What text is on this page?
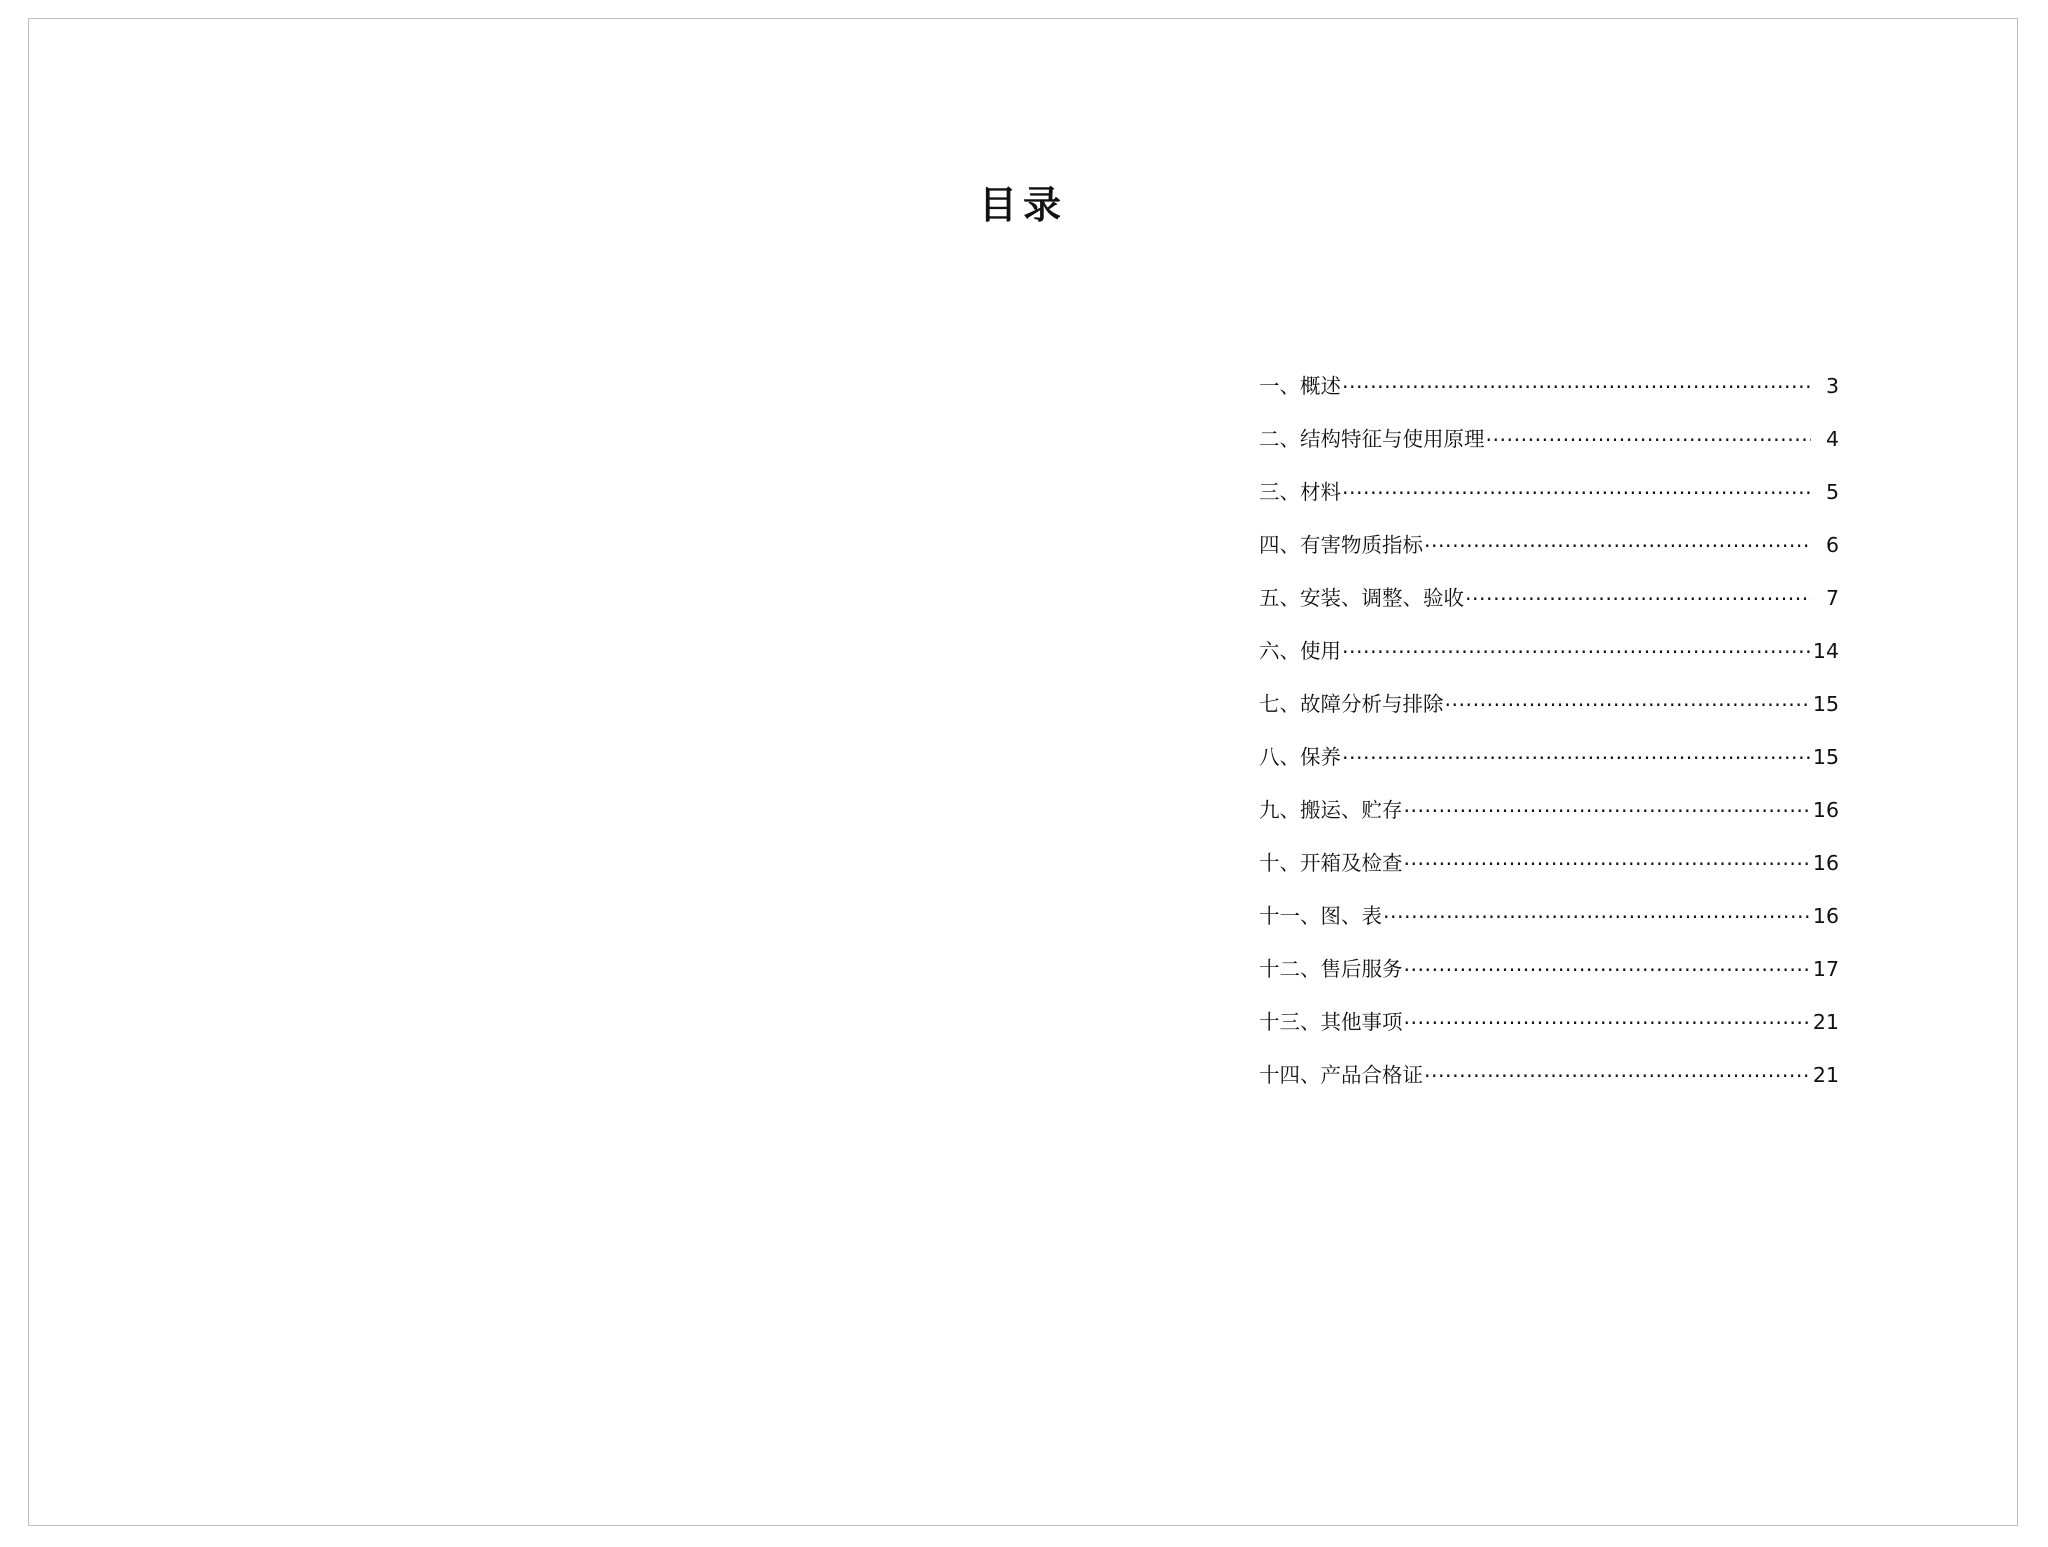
目录
一、概述 .....	3
二、结构特征与使用原理 .....	4
三、材料 .....	5
四、有害物质指标 .....	6
五、安装、调整、验收 .....	7
六、使用 .....	14
七、故障分析与排除 .....	15
八、保养 .....	15
九、搬运、贮存 .....	16
十、开箱及检查 .....	16
十一、图、表 .....	16
十二、售后服务 .....	17
十三、其他事项 .....	21
十四、产品合格证 .....	21
